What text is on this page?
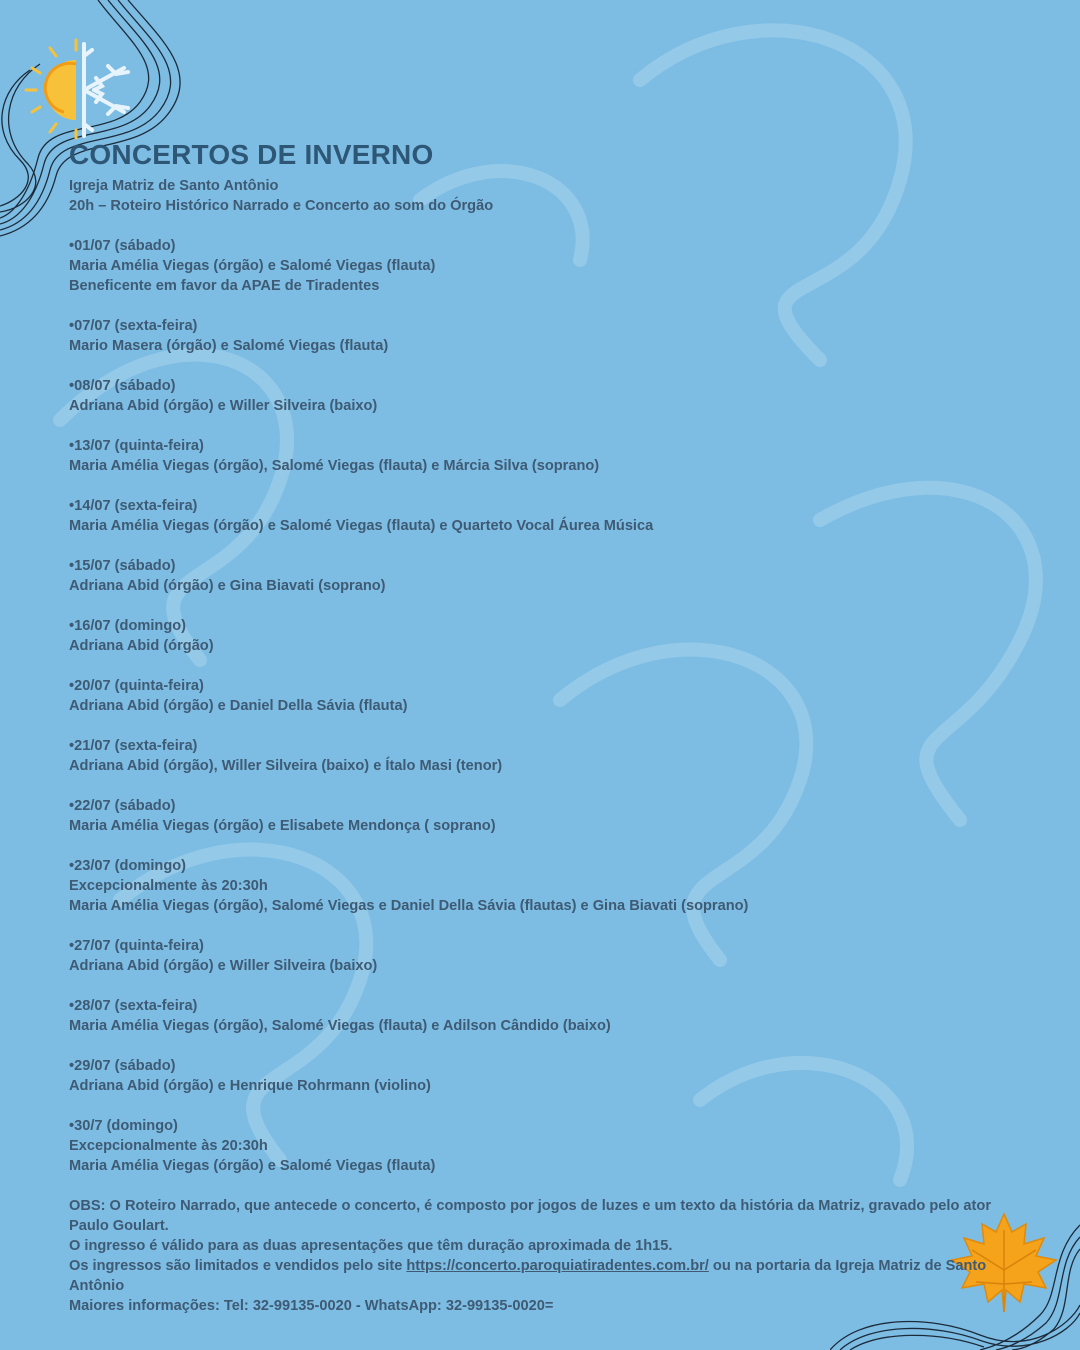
CONCERTOS DE INVERNO
Igreja Matriz de Santo Antônio
20h – Roteiro Histórico Narrado e Concerto ao som do Órgão
•01/07 (sábado)
Maria Amélia Viegas (órgão) e Salomé Viegas (flauta)
Beneficente em favor da APAE de Tiradentes
•07/07 (sexta-feira)
Mario Masera (órgão) e Salomé Viegas (flauta)
•08/07 (sábado)
Adriana Abid (órgão) e Willer Silveira (baixo)
•13/07 (quinta-feira)
Maria Amélia Viegas (órgão), Salomé Viegas (flauta) e Márcia Silva (soprano)
•14/07 (sexta-feira)
Maria Amélia Viegas (órgão) e Salomé Viegas (flauta) e Quarteto Vocal Áurea Música
•15/07 (sábado)
Adriana Abid (órgão) e Gina Biavati (soprano)
•16/07 (domingo)
Adriana Abid (órgão)
•20/07 (quinta-feira)
Adriana Abid (órgão) e Daniel Della Sávia (flauta)
•21/07 (sexta-feira)
Adriana Abid (órgão), Willer Silveira (baixo) e Ítalo Masi (tenor)
•22/07 (sábado)
Maria Amélia Viegas (órgão) e Elisabete Mendonça ( soprano)
•23/07 (domingo)
Excepcionalmente às 20:30h
Maria Amélia Viegas (órgão), Salomé Viegas e Daniel Della Sávia (flautas) e Gina Biavati (soprano)
•27/07 (quinta-feira)
Adriana Abid (órgão) e Willer Silveira (baixo)
•28/07 (sexta-feira)
Maria Amélia Viegas (órgão), Salomé Viegas (flauta) e Adilson Cândido (baixo)
•29/07 (sábado)
Adriana Abid (órgão) e Henrique Rohrmann (violino)
•30/7 (domingo)
Excepcionalmente às 20:30h
Maria Amélia Viegas (órgão) e Salomé Viegas (flauta)
OBS: O Roteiro Narrado, que antecede o concerto, é composto por jogos de luzes e um texto da história da Matriz, gravado pelo ator Paulo Goulart.
O ingresso é válido para as duas apresentações que têm duração aproximada de 1h15.
Os ingressos são limitados e vendidos pelo site https://concerto.paroquiatiradentes.com.br/ ou na portaria da Igreja Matriz de Santo Antônio
Maiores informações: Tel: 32-99135-0020 - WhatsApp: 32-99135-0020=
